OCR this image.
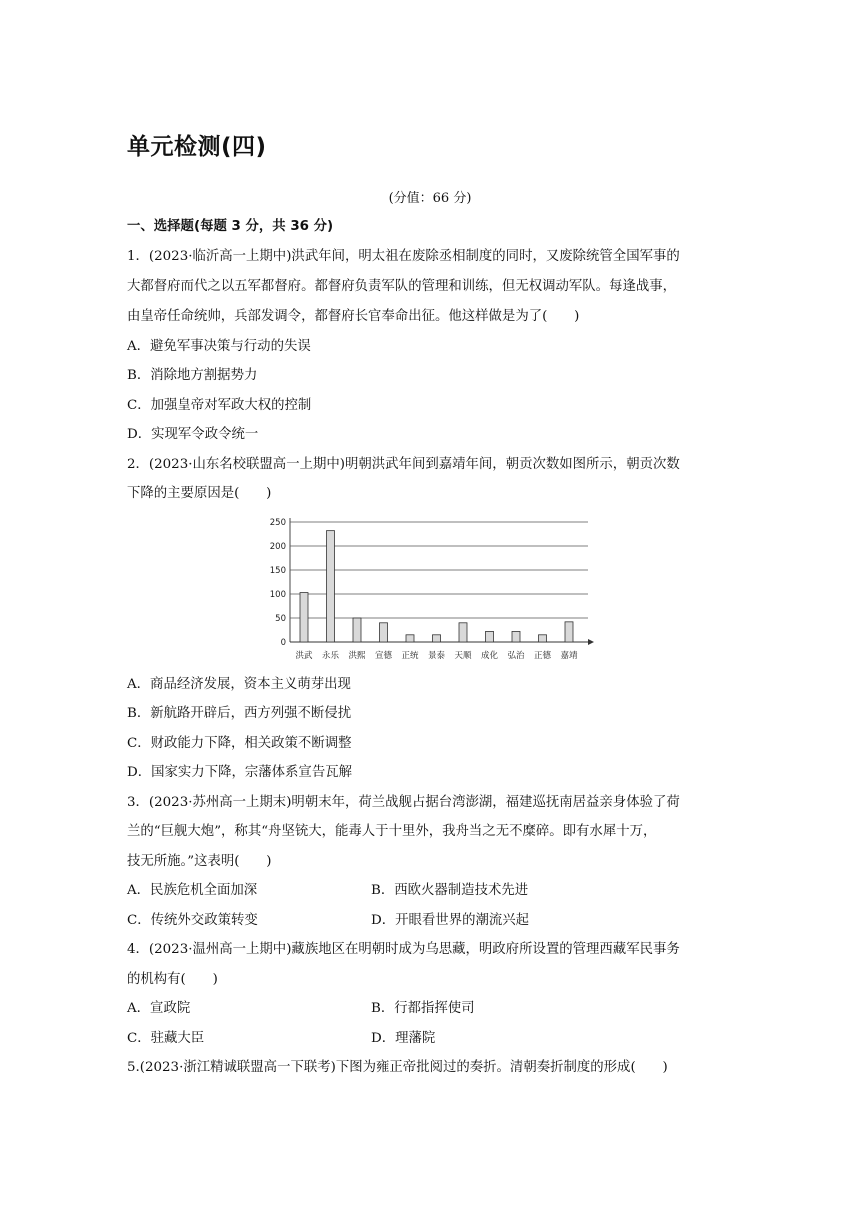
单元检测(四)
(分值：66 分)
一、选择题(每题 3 分，共 36 分)
1．(2023·临沂高一上期中)洪武年间，明太祖在废除丞相制度的同时，又废除统管全国军事的
大都督府而代之以五军都督府。都督府负责军队的管理和训练，但无权调动军队。每逢战事，
由皇帝任命统帅，兵部发调令，都督府长官奉命出征。他这样做是为了(　　)
A．避免军事决策与行动的失误
B．消除地方割据势力
C．加强皇帝对军政大权的控制
D．实现军令政令统一
2．(2023·山东名校联盟高一上期中)明朝洪武年间到嘉靖年间，朝贡次数如图所示，朝贡次数
下降的主要原因是(　　)
0
50
100
150
200
250
洪武 永乐 洪熙 宣德 正统 景泰 天顺 成化 弘治 正德 嘉靖
A．商品经济发展，资本主义萌芽出现
B．新航路开辟后，西方列强不断侵扰
C．财政能力下降，相关政策不断调整
D．国家实力下降，宗藩体系宣告瓦解
3．(2023·苏州高一上期末)明朝末年，荷兰战舰占据台湾澎湖，福建巡抚南居益亲身体验了荷
兰的“巨舰大炮”，称其“舟坚铳大，能毒人于十里外，我舟当之无不糜碎。即有水犀十万，
技无所施。”这表明(　　)
A．民族危机全面加深	B．西欧火器制造技术先进
C．传统外交政策转变	D．开眼看世界的潮流兴起
4．(2023·温州高一上期中)藏族地区在明朝时成为乌思藏，明政府所设置的管理西藏军民事务
的机构有(　　)
A．宣政院	B．行都指挥使司
C．驻藏大臣	D．理藩院
5.(2023·浙江精诚联盟高一下联考)下图为雍正帝批阅过的奏折。清朝奏折制度的形成(　　)
